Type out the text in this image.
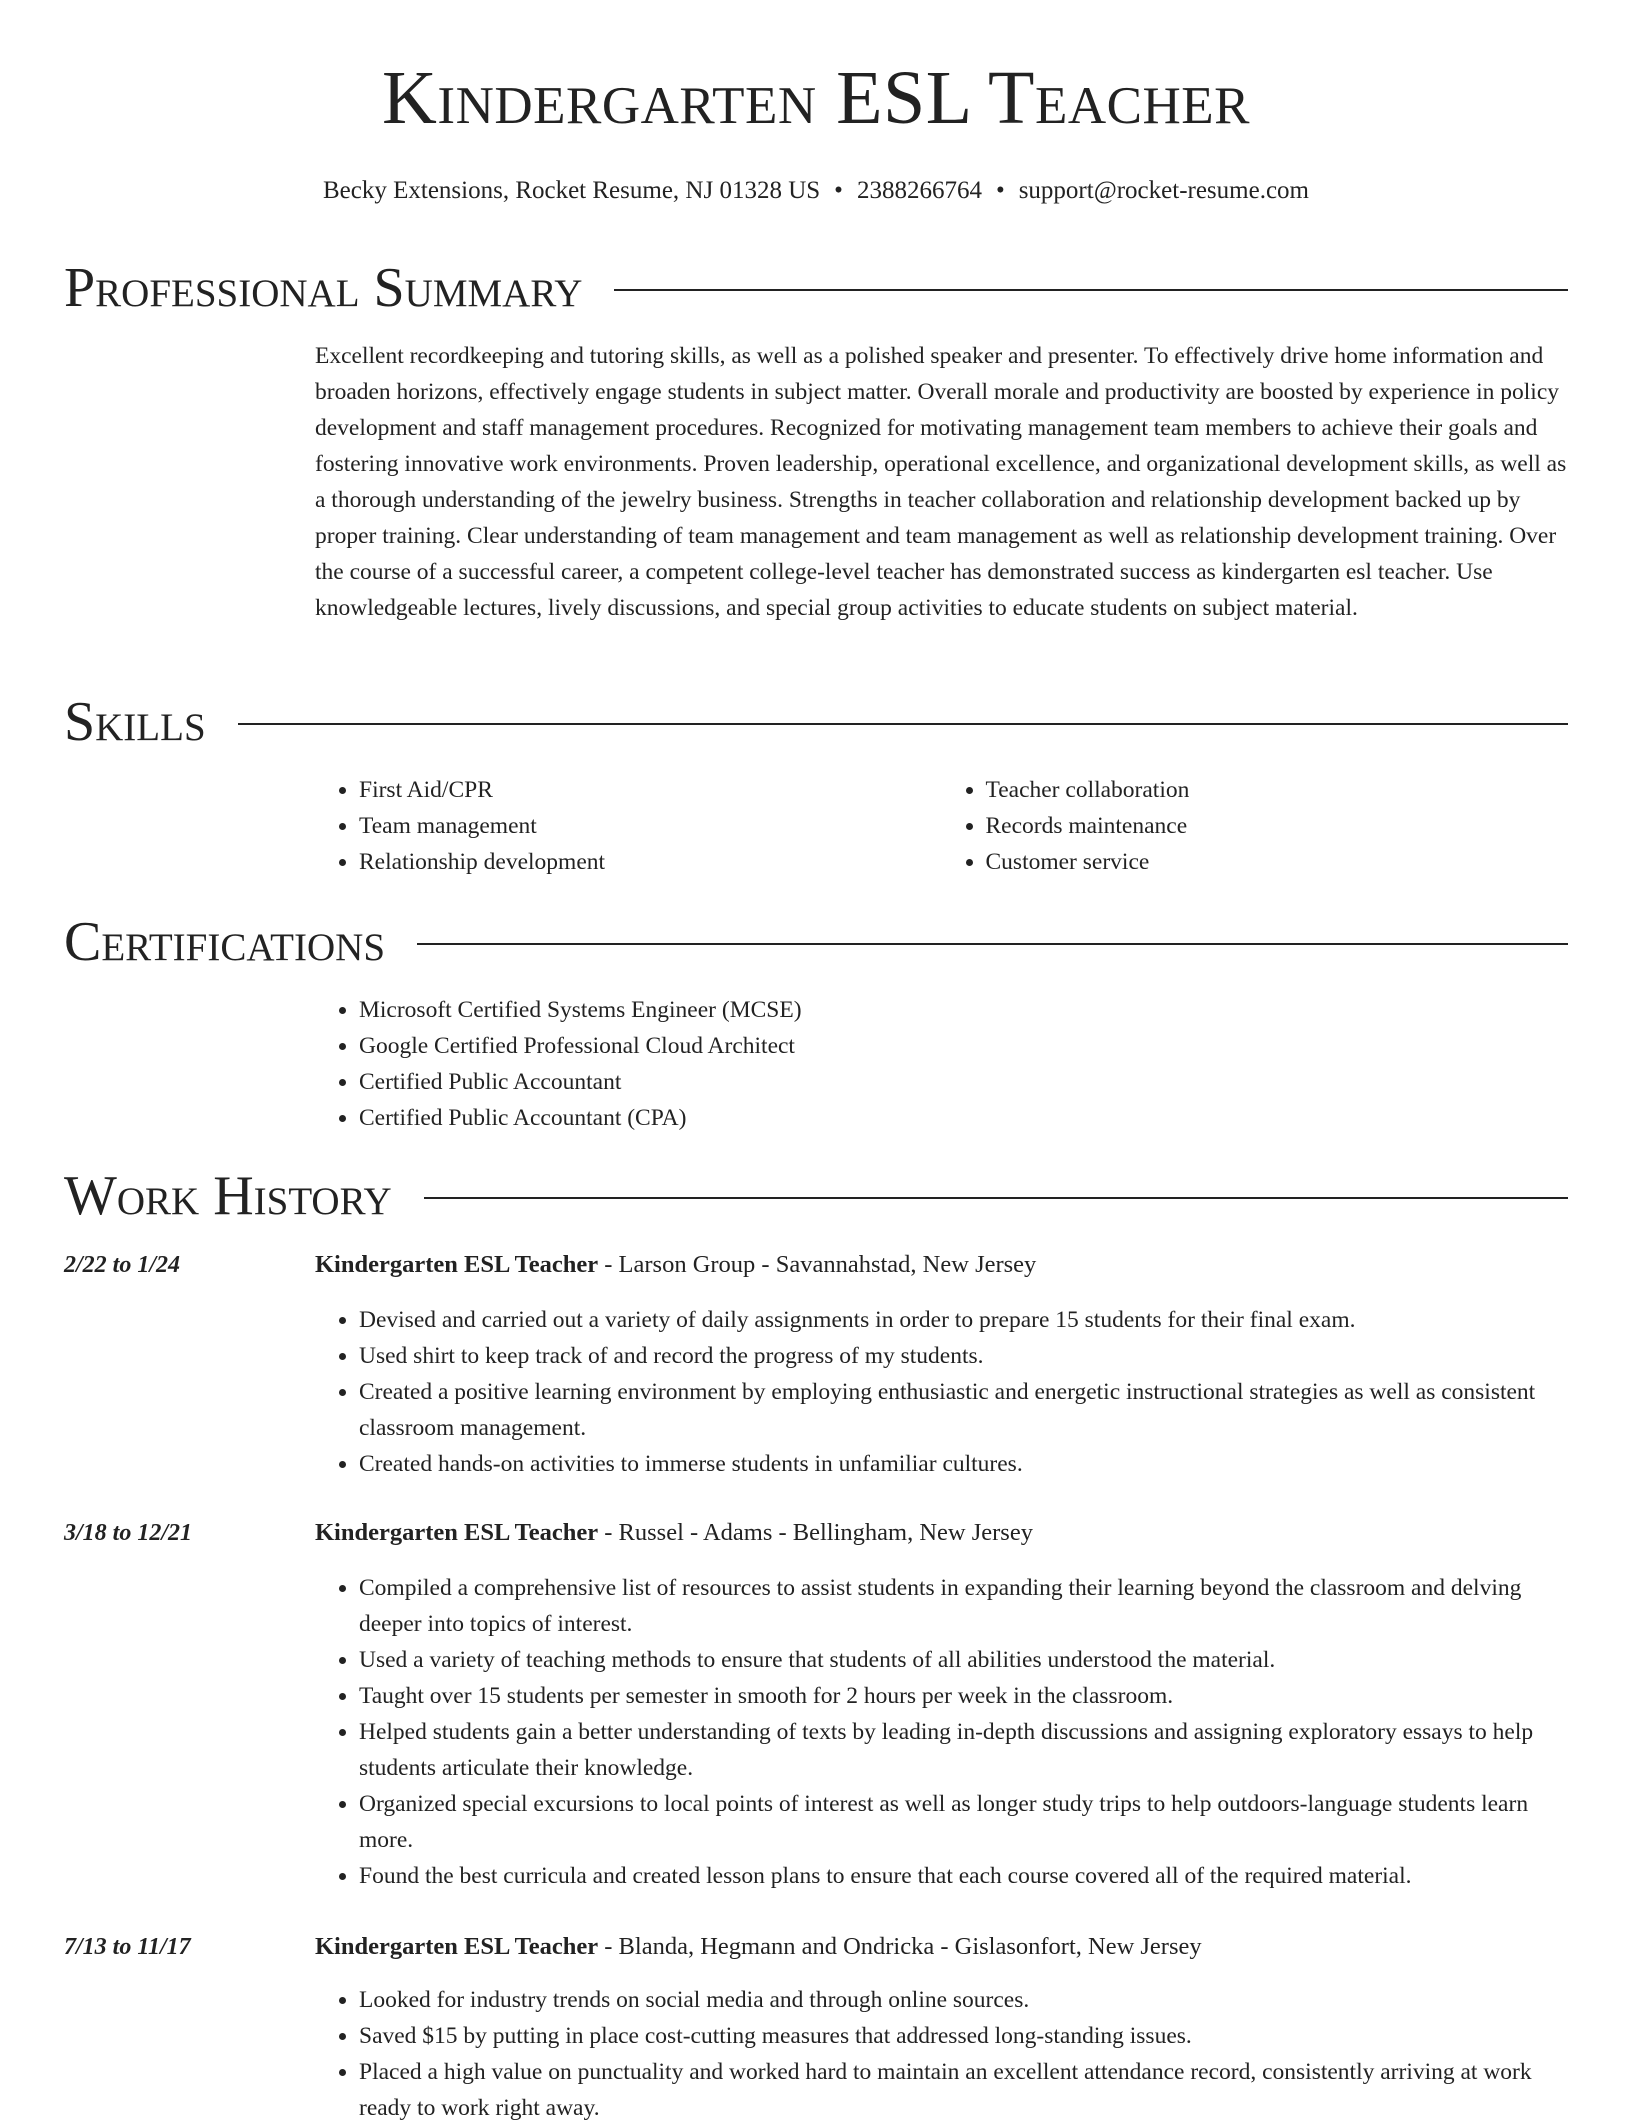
Kindergarten ESL Teacher
Becky Extensions, Rocket Resume, NJ 01328 US • 2388266764 • support@rocket-resume.com
Professional Summary
Excellent recordkeeping and tutoring skills, as well as a polished speaker and presenter. To effectively drive home information and broaden horizons, effectively engage students in subject matter. Overall morale and productivity are boosted by experience in policy development and staff management procedures. Recognized for motivating management team members to achieve their goals and fostering innovative work environments. Proven leadership, operational excellence, and organizational development skills, as well as a thorough understanding of the jewelry business. Strengths in teacher collaboration and relationship development backed up by proper training. Clear understanding of team management and team management as well as relationship development training. Over the course of a successful career, a competent college-level teacher has demonstrated success as kindergarten esl teacher. Use knowledgeable lectures, lively discussions, and special group activities to educate students on subject material.
Skills
• First Aid/CPR
• Team management
• Relationship development
• Teacher collaboration
• Records maintenance
• Customer service
Certifications
• Microsoft Certified Systems Engineer (MCSE)
• Google Certified Professional Cloud Architect
• Certified Public Accountant
• Certified Public Accountant (CPA)
Work History
2/22 to 1/24	Kindergarten ESL Teacher - Larson Group - Savannahstad, New Jersey
• Devised and carried out a variety of daily assignments in order to prepare 15 students for their final exam.
• Used shirt to keep track of and record the progress of my students.
• Created a positive learning environment by employing enthusiastic and energetic instructional strategies as well as consistent classroom management.
• Created hands-on activities to immerse students in unfamiliar cultures.
3/18 to 12/21	Kindergarten ESL Teacher - Russel - Adams - Bellingham, New Jersey
• Compiled a comprehensive list of resources to assist students in expanding their learning beyond the classroom and delving deeper into topics of interest.
• Used a variety of teaching methods to ensure that students of all abilities understood the material.
• Taught over 15 students per semester in smooth for 2 hours per week in the classroom.
• Helped students gain a better understanding of texts by leading in-depth discussions and assigning exploratory essays to help students articulate their knowledge.
• Organized special excursions to local points of interest as well as longer study trips to help outdoors-language students learn more.
• Found the best curricula and created lesson plans to ensure that each course covered all of the required material.
7/13 to 11/17	Kindergarten ESL Teacher - Blanda, Hegmann and Ondricka - Gislasonfort, New Jersey
• Looked for industry trends on social media and through online sources.
• Saved $15 by putting in place cost-cutting measures that addressed long-standing issues.
• Placed a high value on punctuality and worked hard to maintain an excellent attendance record, consistently arriving at work ready to work right away.
